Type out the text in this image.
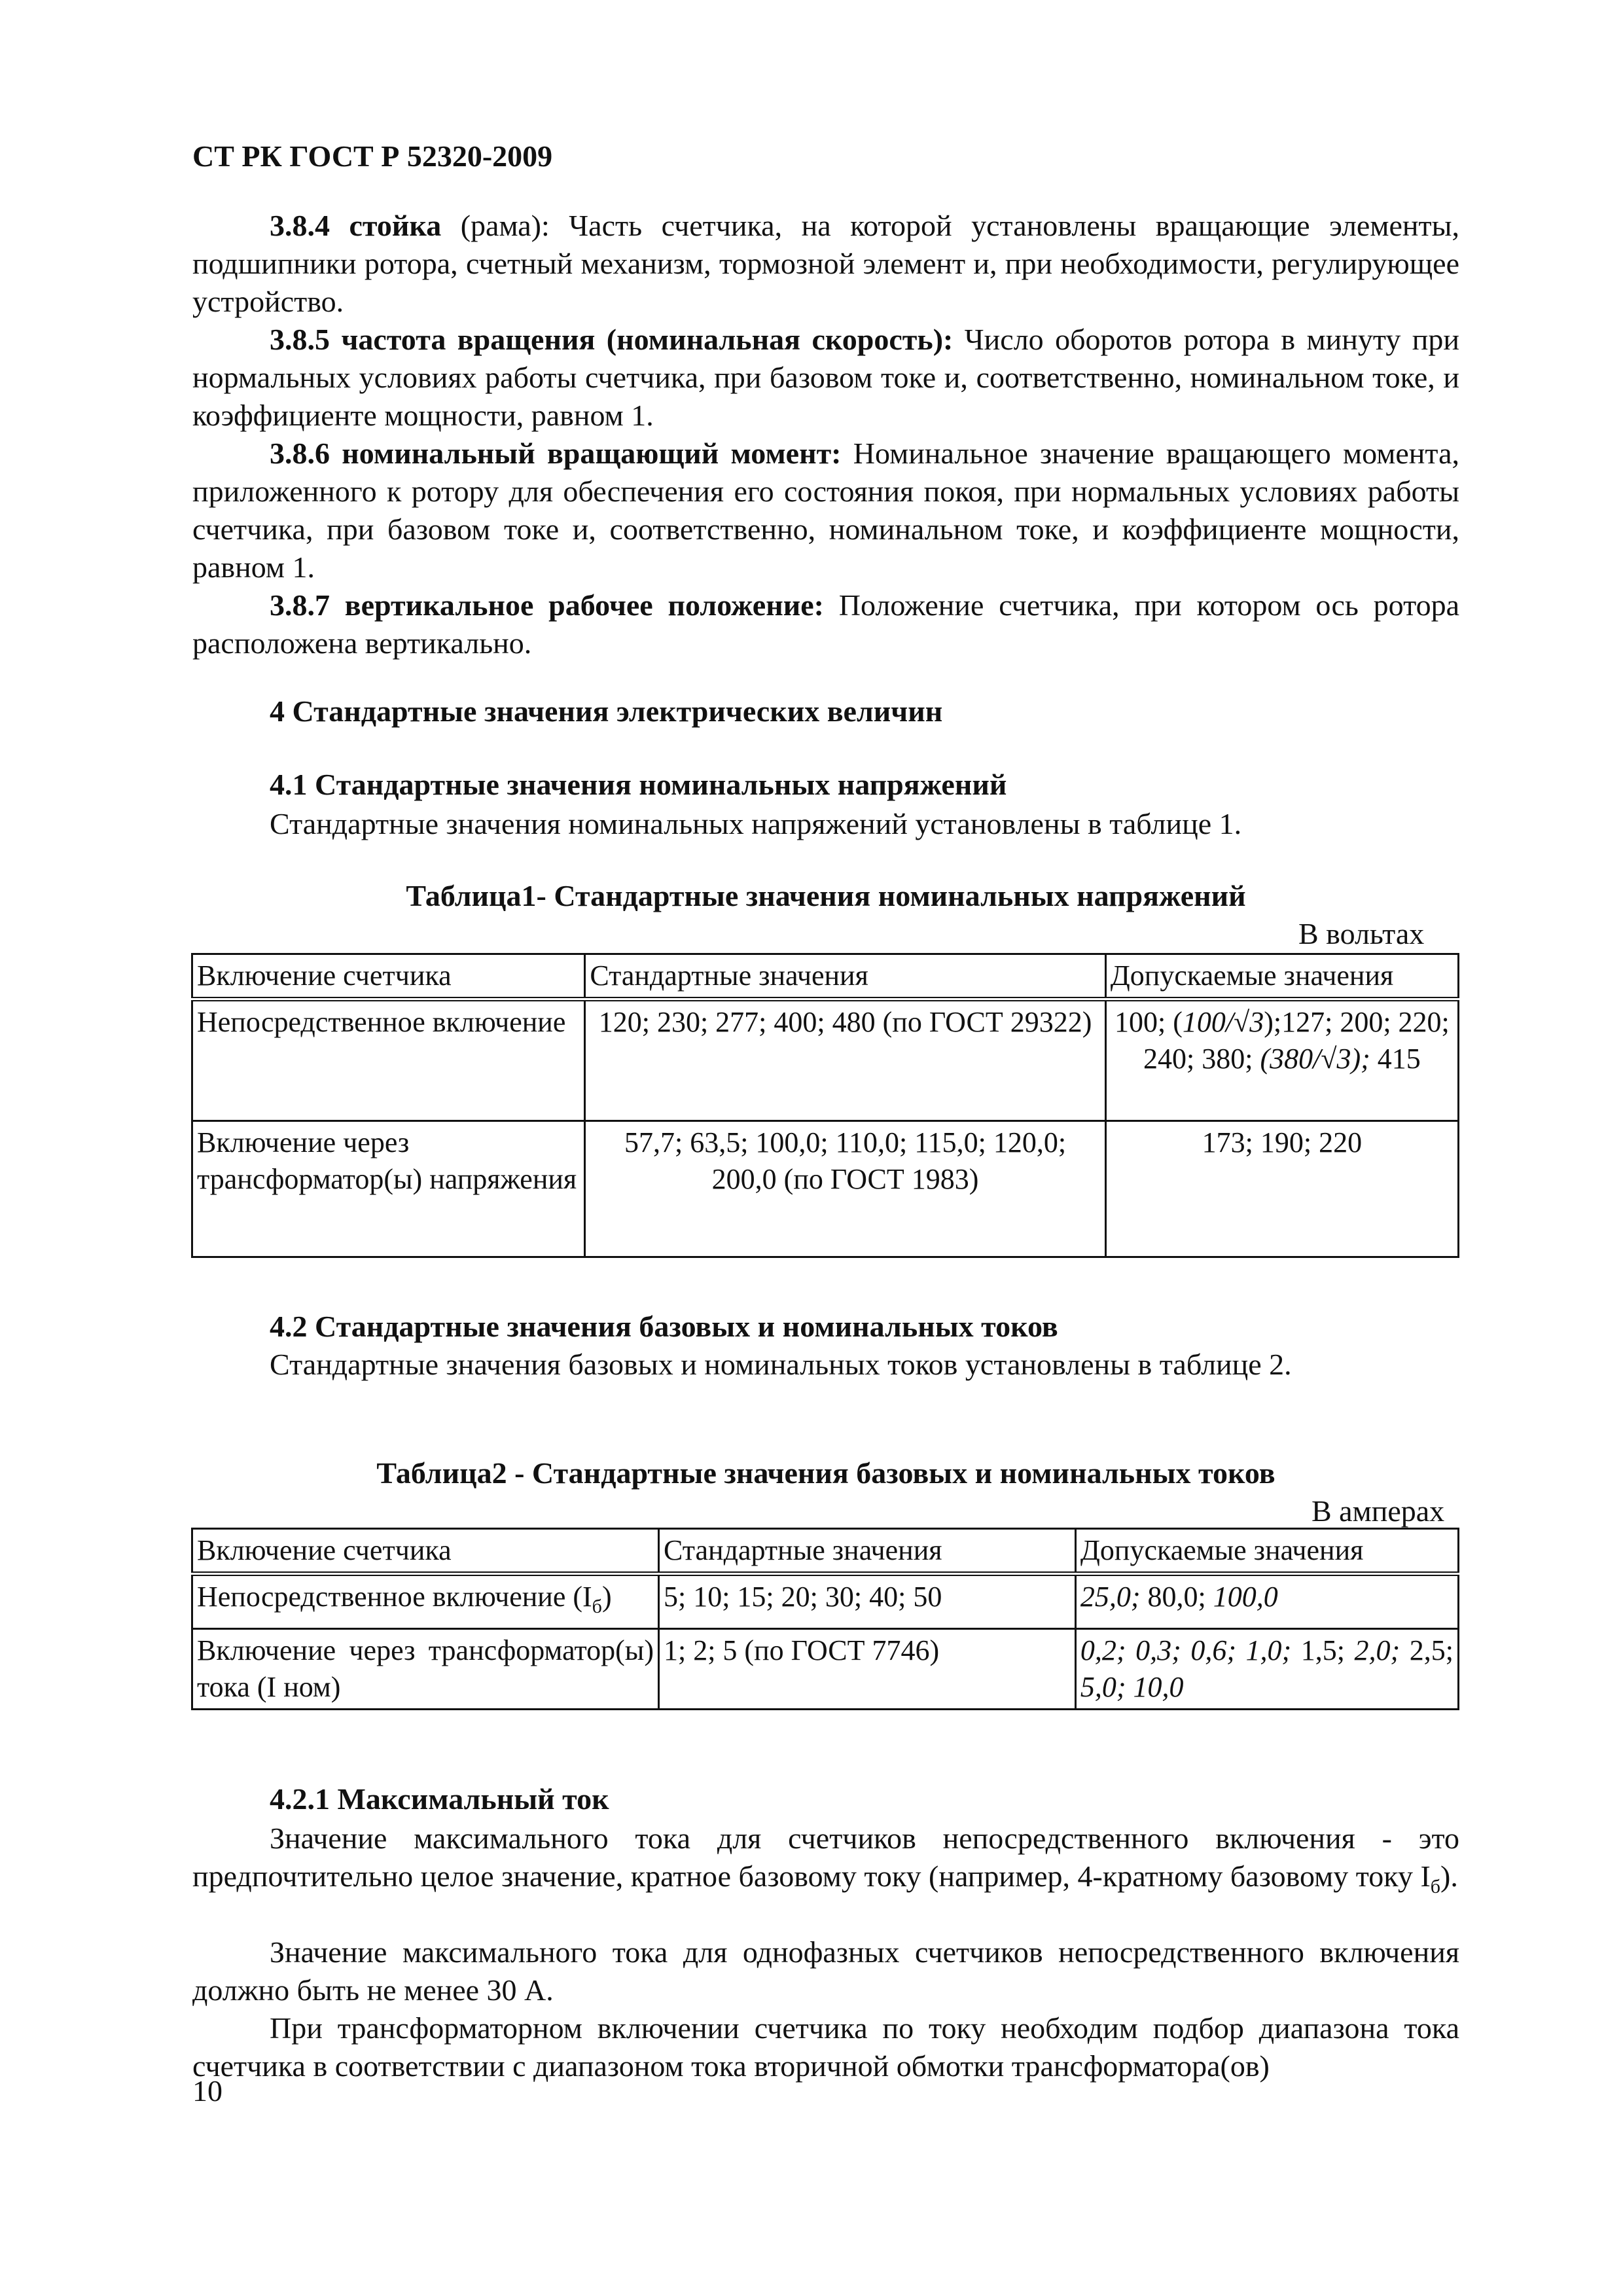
СТ РК ГОСТ Р 52320-2009

3.8.4 стойка (рама): Часть счетчика, на которой установлены вращающие элементы, подшипники ротора, счетный механизм, тормозной элемент и, при необходимости, регулирующее устройство.

3.8.5 частота вращения (номинальная скорость): Число оборотов ротора в минуту при нормальных условиях работы счетчика, при базовом токе и, соответственно, номинальном токе, и коэффициенте мощности, равном 1.

3.8.6 номинальный вращающий момент: Номинальное значение вращающего момента, приложенного к ротору для обеспечения его состояния покоя, при нормальных условиях работы счетчика, при базовом токе и, соответственно, номинальном токе, и коэффициенте мощности, равном 1.

3.8.7 вертикальное рабочее положение: Положение счетчика, при котором ось ротора расположена вертикально.

4 Стандартные значения электрических величин

4.1 Стандартные значения номинальных напряжений

Стандартные значения номинальных напряжений установлены в таблице 1.

Таблица1- Стандартные значения номинальных напряжений

В вольтах

Включение счетчика	Стандартные значения	Допускаемые значения
Непосредственное включение	120; 230; 277; 400; 480 (по ГОСТ 29322)	100; (100/√3);127; 200; 220; 240; 380; (380/√3); 415
Включение через трансформатор(ы) напряжения	57,7; 63,5; 100,0; 110,0; 115,0; 120,0; 200,0 (по ГОСТ 1983)	173; 190; 220

4.2 Стандартные значения базовых и номинальных токов

Стандартные значения базовых и номинальных токов установлены в таблице 2.

Таблица2 - Стандартные значения базовых и номинальных токов

В амперах

Включение счетчика	Стандартные значения	Допускаемые значения
Непосредственное включение $(I_б)$	5; 10; 15; 20; 30; 40; 50	25,0; 80,0; 100,0
Включение через трансформатор(ы) тока (I ном)	1; 2; 5 (по ГОСТ 7746)	0,2; 0,3; 0,6; 1,0; 1,5; 2,0; 2,5; 5,0; 10,0

4.2.1 Максимальный ток

Значение максимального тока для счетчиков непосредственного включения - это предпочтительно целое значение, кратное базовому току (например, 4-кратному базовому току $I_б$).

Значение максимального тока для однофазных счетчиков непосредственного включения должно быть не менее 30 А.

При трансформаторном включении счетчика по току необходим подбор диапазона тока счетчика в соответствии с диапазоном тока вторичной обмотки трансформатора(ов)

10
